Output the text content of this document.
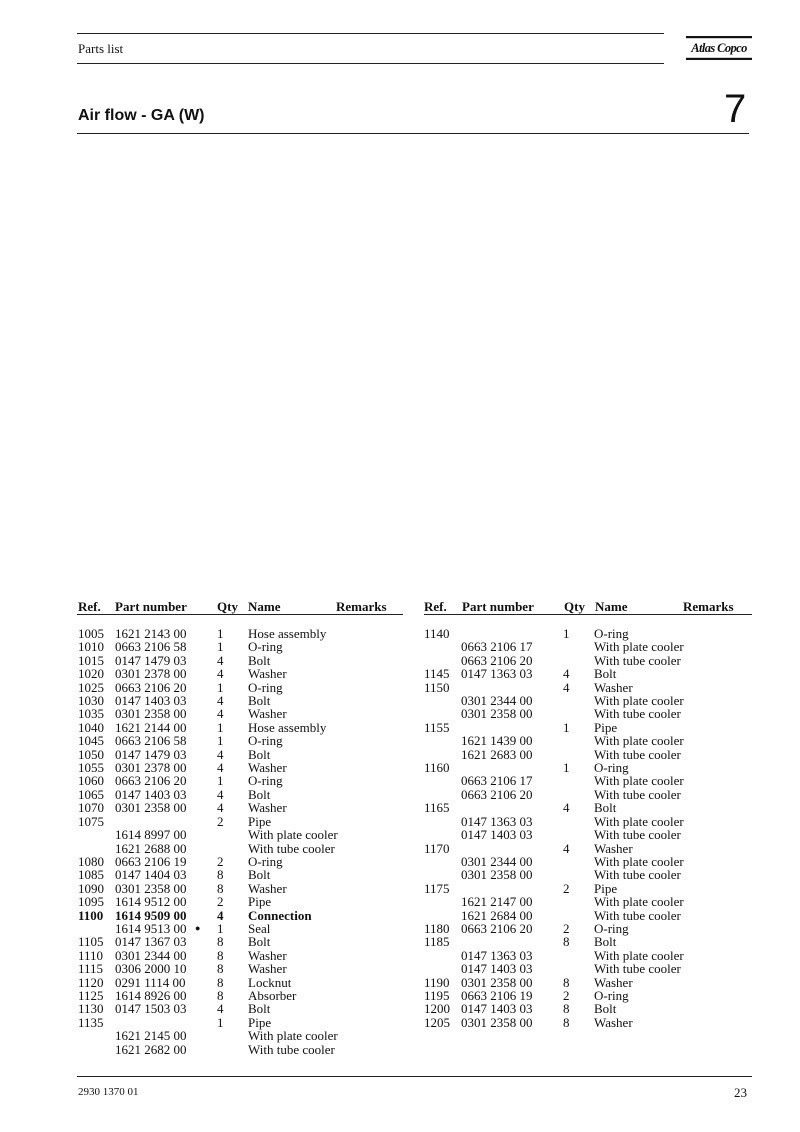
Parts list	Atlas Copco
Air flow - GA (W)	7
Ref. Part number Qty Name	Remarks	Ref. Part number Qty Name	Remarks
1005 1621 2143 00 1 Hose assembly
1010 0663 2106 58 1 O-ring
1015 0147 1479 03 4 Bolt
1020 0301 2378 00 4 Washer
1025 0663 2106 20 1 O-ring
1030 0147 1403 03 4 Bolt
1035 0301 2358 00 4 Washer
1040 1621 2144 00 1 Hose assembly
1045 0663 2106 58 1 O-ring
1050 0147 1479 03 4 Bolt
1055 0301 2378 00 4 Washer
1060 0663 2106 20 1 O-ring
1065 0147 1403 03 4 Bolt
1070 0301 2358 00 4 Washer
1075	2 Pipe
1614 8997 00	With plate cooler
1621 2688 00	With tube cooler
1080 0663 2106 19 2 O-ring
1085 0147 1404 03 8 Bolt
1090 0301 2358 00 8 Washer
1095 1614 9512 00 2 Pipe
1100 1614 9509 00 4 Connection
1614 9513 00 ● 1 Seal
1105 0147 1367 03 8 Bolt
1110 0301 2344 00 8 Washer
1115 0306 2000 10 8 Washer
1120 0291 1114 00 8 Locknut
1125 1614 8926 00 8 Absorber
1130 0147 1503 03 4 Bolt
1135	1 Pipe
1621 2145 00	With plate cooler
1621 2682 00	With tube cooler
1140	1 O-ring
0663 2106 17	With plate cooler
0663 2106 20	With tube cooler
1145 0147 1363 03 4 Bolt
1150	4 Washer
0301 2344 00	With plate cooler
0301 2358 00	With tube cooler
1155	1 Pipe
1621 1439 00	With plate cooler
1621 2683 00	With tube cooler
1160	1 O-ring
0663 2106 17	With plate cooler
0663 2106 20	With tube cooler
1165	4 Bolt
0147 1363 03	With plate cooler
0147 1403 03	With tube cooler
1170	4 Washer
0301 2344 00	With plate cooler
0301 2358 00	With tube cooler
1175	2 Pipe
1621 2147 00	With plate cooler
1621 2684 00	With tube cooler
1180 0663 2106 20 2 O-ring
1185	8 Bolt
0147 1363 03	With plate cooler
0147 1403 03	With tube cooler
1190 0301 2358 00 8 Washer
1195 0663 2106 19 2 O-ring
1200 0147 1403 03 8 Bolt
1205 0301 2358 00 8 Washer
2930 1370 01	23
